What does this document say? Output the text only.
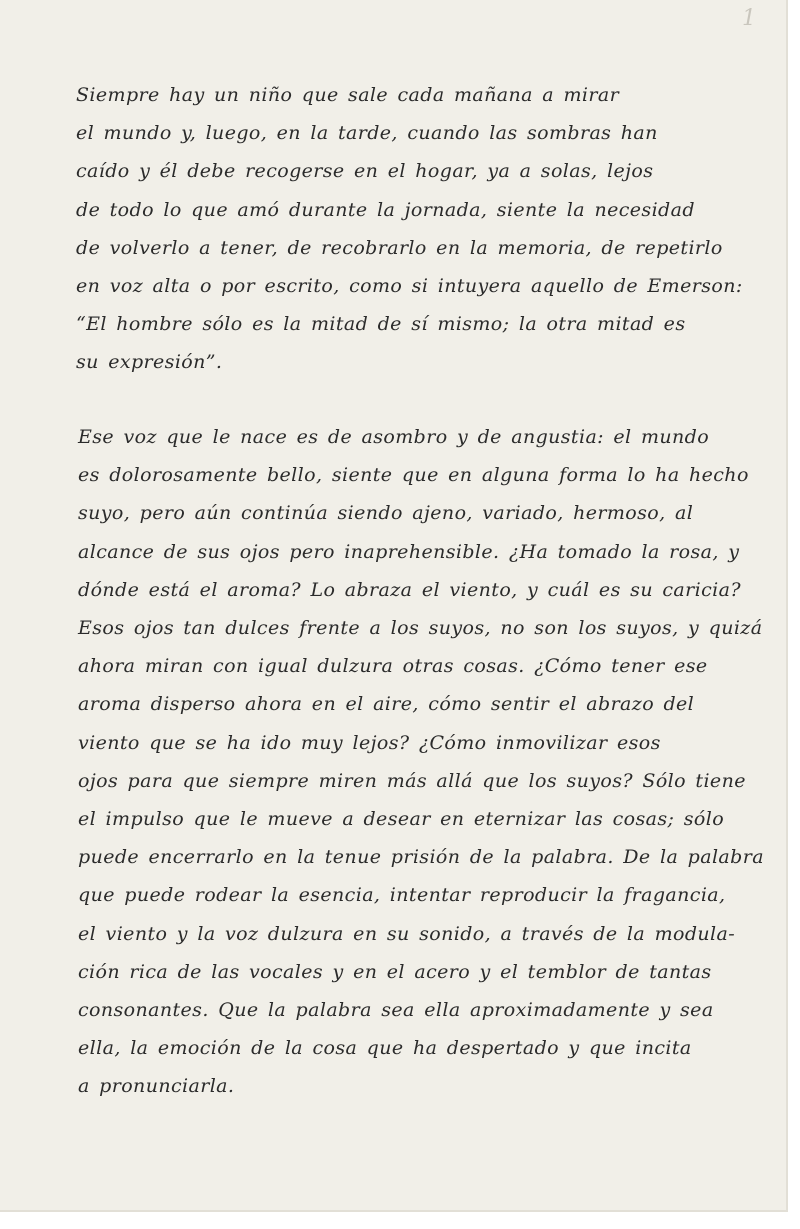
1
Siempre hay un niño que sale cada mañana a mirar
el mundo y, luego, en la tarde, cuando las sombras han
caído y él debe recogerse en el hogar, ya a solas, lejos
de todo lo que amó durante la jornada, siente la necesidad
de volverlo a tener, de recobrarlo en la memoria, de repetirlo
en voz alta o por escrito, como si intuyera aquello de Emerson:
“El hombre sólo es la mitad de sí mismo; la otra mitad es
su expresión”.
Ese voz que le nace es de asombro y de angustia: el mundo
es dolorosamente bello, siente que en alguna forma lo ha hecho
suyo, pero aún continúa siendo ajeno, variado, hermoso, al
alcance de sus ojos pero inaprehensible. ¿Ha tomado la rosa, y
dónde está el aroma? Lo abraza el viento, y cuál es su caricia?
Esos ojos tan dulces frente a los suyos, no son los suyos, y quizá
ahora miran con igual dulzura otras cosas. ¿Cómo tener ese
aroma disperso ahora en el aire, cómo sentir el abrazo del
viento que se ha ido muy lejos? ¿Cómo inmovilizar esos
ojos para que siempre miren más allá que los suyos? Sólo tiene
el impulso que le mueve a desear en eternizar las cosas; sólo
puede encerrarlo en la tenue prisión de la palabra. De la palabra
que puede rodear la esencia, intentar reproducir la fragancia,
el viento y la voz dulzura en su sonido, a través de la modula-
ción rica de las vocales y en el acero y el temblor de tantas
consonantes. Que la palabra sea ella aproximadamente y sea
ella, la emoción de la cosa que ha despertado y que incita
a pronunciarla.
